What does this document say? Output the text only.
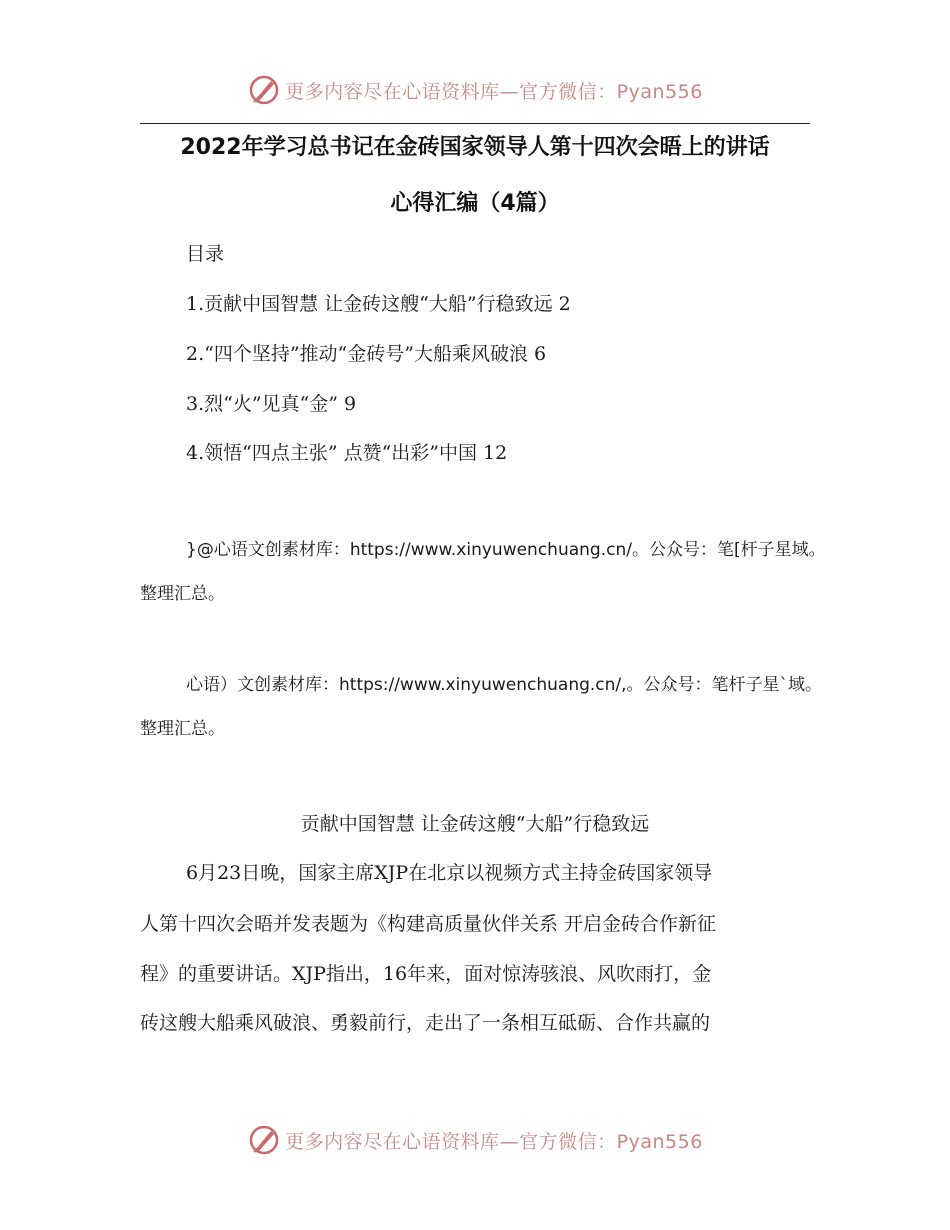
更多内容尽在心语资料库—官方微信：Pyan556
2022年学习总书记在金砖国家领导人第十四次会晤上的讲话
心得汇编（4篇）
目录
1.贡献中国智慧 让金砖这艘“大船”行稳致远 2
2.“四个坚持”推动“金砖号”大船乘风破浪 6
3.烈“火”见真“金” 9
4.领悟“四点主张” 点赞“出彩”中国 12
}@心语文创素材库：https://www.xinyuwenchuang.cn/。公众号：笔[杆子星域。
整理汇总。
心语）文创素材库：https://www.xinyuwenchuang.cn/,。公众号：笔杆子星`域。
整理汇总。
贡献中国智慧 让金砖这艘“大船”行稳致远
6月23日晚，国家主席XJP在北京以视频方式主持金砖国家领导
人第十四次会晤并发表题为《构建高质量伙伴关系 开启金砖合作新征
程》的重要讲话。XJP指出，16年来，面对惊涛骇浪、风吹雨打，金
砖这艘大船乘风破浪、勇毅前行，走出了一条相互砥砺、合作共赢的
更多内容尽在心语资料库—官方微信：Pyan556
